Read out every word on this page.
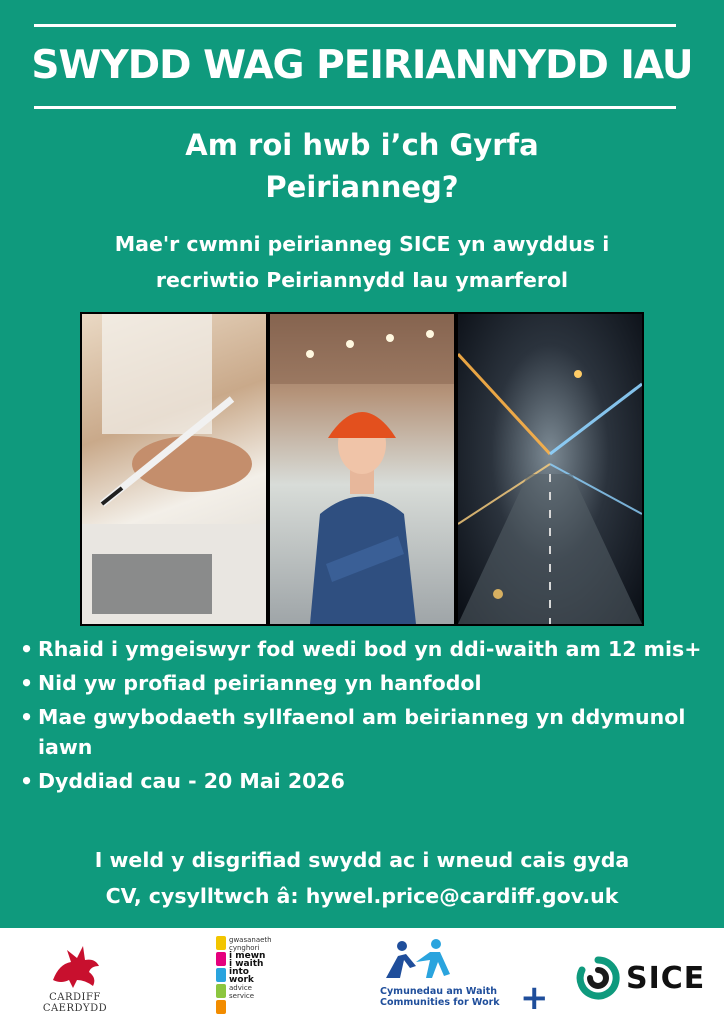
SWYDD WAG PEIRIANNYDD IAU
Am roi hwb i’ch Gyrfa
Peirianneg?
Mae'r cwmni peirianneg SICE yn awyddus i
recriwtio Peiriannydd Iau ymarferol
• Rhaid i ymgeiswyr fod wedi bod yn ddi-waith am 12 mis+
• Nid yw profiad peirianneg yn hanfodol
• Mae gwybodaeth syllfaenol am beirianneg yn ddymunol iawn
• Dyddiad cau - 20 Mai 2026
I weld y disgrifiad swydd ac i wneud cais gyda
CV, cysylltwch â: hywel.price@cardiff.gov.uk
CARDIFF
CAERDYDD
gwasanaeth
cynghori
i mewn
i waith
into
work
advice
service	Cymunedau am Waith
Communities for Work +	SICE
